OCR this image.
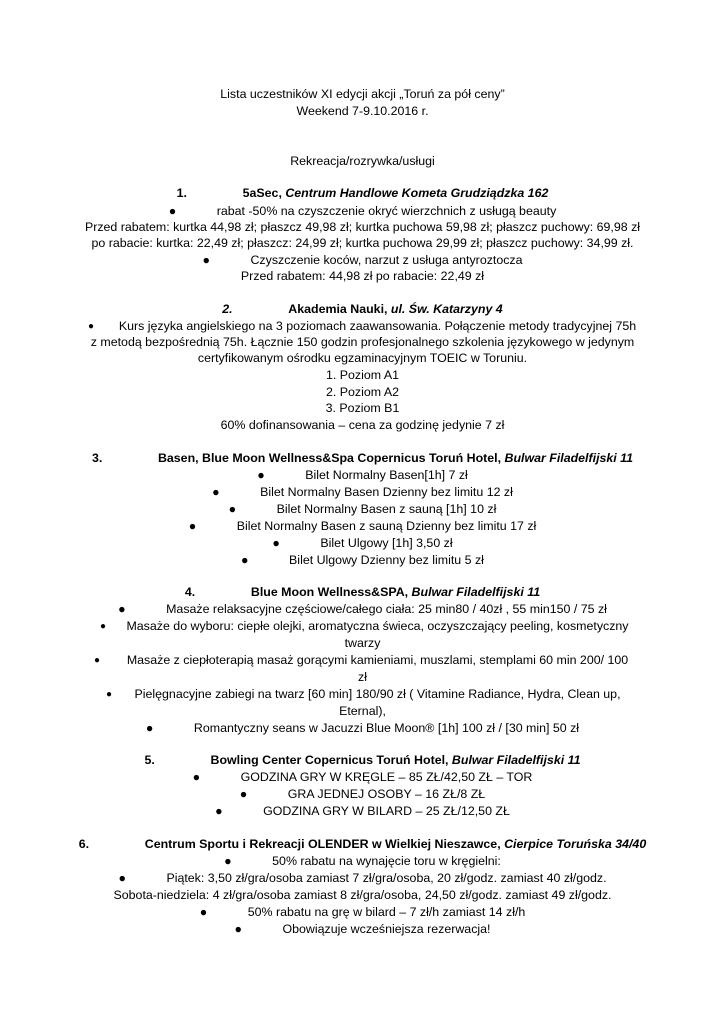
Lista uczestników XI edycji akcji „Toruń za pół ceny”
Weekend 7-9.10.2016 r.
Rekreacja/rozrywka/usługi
1.	5aSec, Centrum Handlowe Kometa Grudziądzka 162
●	rabat -50% na czyszczenie okryć wierzchnich z usługą beauty
Przed rabatem: kurtka 44,98 zł; płaszcz 49,98 zł; kurtka puchowa 59,98 zł; płaszcz puchowy: 69,98 zł
po rabacie: kurtka: 22,49 zł; płaszcz: 24,99 zł; kurtka puchowa 29,99 zł; płaszcz puchowy: 34,99 zł.
●	Czyszczenie koców, narzut z usługa antyroztocza
Przed rabatem: 44,98 zł po rabacie: 22,49 zł
2.	Akademia Nauki, ul. Św. Katarzyny 4
●	Kurs języka angielskiego na 3 poziomach zaawansowania. Połączenie metody tradycyjnej 75h
z metodą bezpośrednią 75h. Łącznie 150 godzin profesjonalnego szkolenia językowego w jedynym
certyfikowanym ośrodku egzaminacyjnym TOEIC w Toruniu.
1. Poziom A1
2. Poziom A2
3. Poziom B1
60% dofinansowania – cena za godzinę jedynie 7 zł
3.	Basen, Blue Moon Wellness&Spa Copernicus Toruń Hotel, Bulwar Filadelfijski 11
●	Bilet Normalny Basen[1h] 7 zł
●	Bilet Normalny Basen Dzienny bez limitu 12 zł
●	Bilet Normalny Basen z sauną [1h] 10 zł
●	Bilet Normalny Basen z sauną Dzienny bez limitu 17 zł
●	Bilet Ulgowy [1h] 3,50 zł
●	Bilet Ulgowy Dzienny bez limitu 5 zł
4.	Blue Moon Wellness&SPA, Bulwar Filadelfijski 11
●	Masaże relaksacyjne częściowe/całego ciała: 25 min80 / 40zł , 55 min150 / 75 zł
●	Masaże do wyboru: ciepłe olejki, aromatyczna świeca, oczyszczający peeling, kosmetyczny
twarzy
●	Masaże z ciepłoterapią masaż gorącymi kamieniami, muszlami, stemplami 60 min 200/ 100
zł
●	Pielęgnacyjne zabiegi na twarz [60 min] 180/90 zł ( Vitamine Radiance, Hydra, Clean up,
Eternal),
●	Romantyczny seans w Jacuzzi Blue Moon® [1h] 100 zł / [30 min] 50 zł
5.	Bowling Center Copernicus Toruń Hotel, Bulwar Filadelfijski 11
●	GODZINA GRY W KRĘGLE – 85 ZŁ/42,50 ZŁ – TOR
●	GRA JEDNEJ OSOBY – 16 ZŁ/8 ZŁ
●	GODZINA GRY W BILARD – 25 ZŁ/12,50 ZŁ
6.	Centrum Sportu i Rekreacji OLENDER w Wielkiej Nieszawce, Cierpice Toruńska 34/40
●	50% rabatu na wynajęcie toru w kręgielni:
●	Piątek: 3,50 zł/gra/osoba zamiast 7 zł/gra/osoba, 20 zł/godz. zamiast 40 zł/godz.
Sobota-niedziela: 4 zł/gra/osoba zamiast 8 zł/gra/osoba, 24,50 zł/godz. zamiast 49 zł/godz.
●	50% rabatu na grę w bilard – 7 zł/h zamiast 14 zł/h
●	Obowiązuje wcześniejsza rezerwacja!
